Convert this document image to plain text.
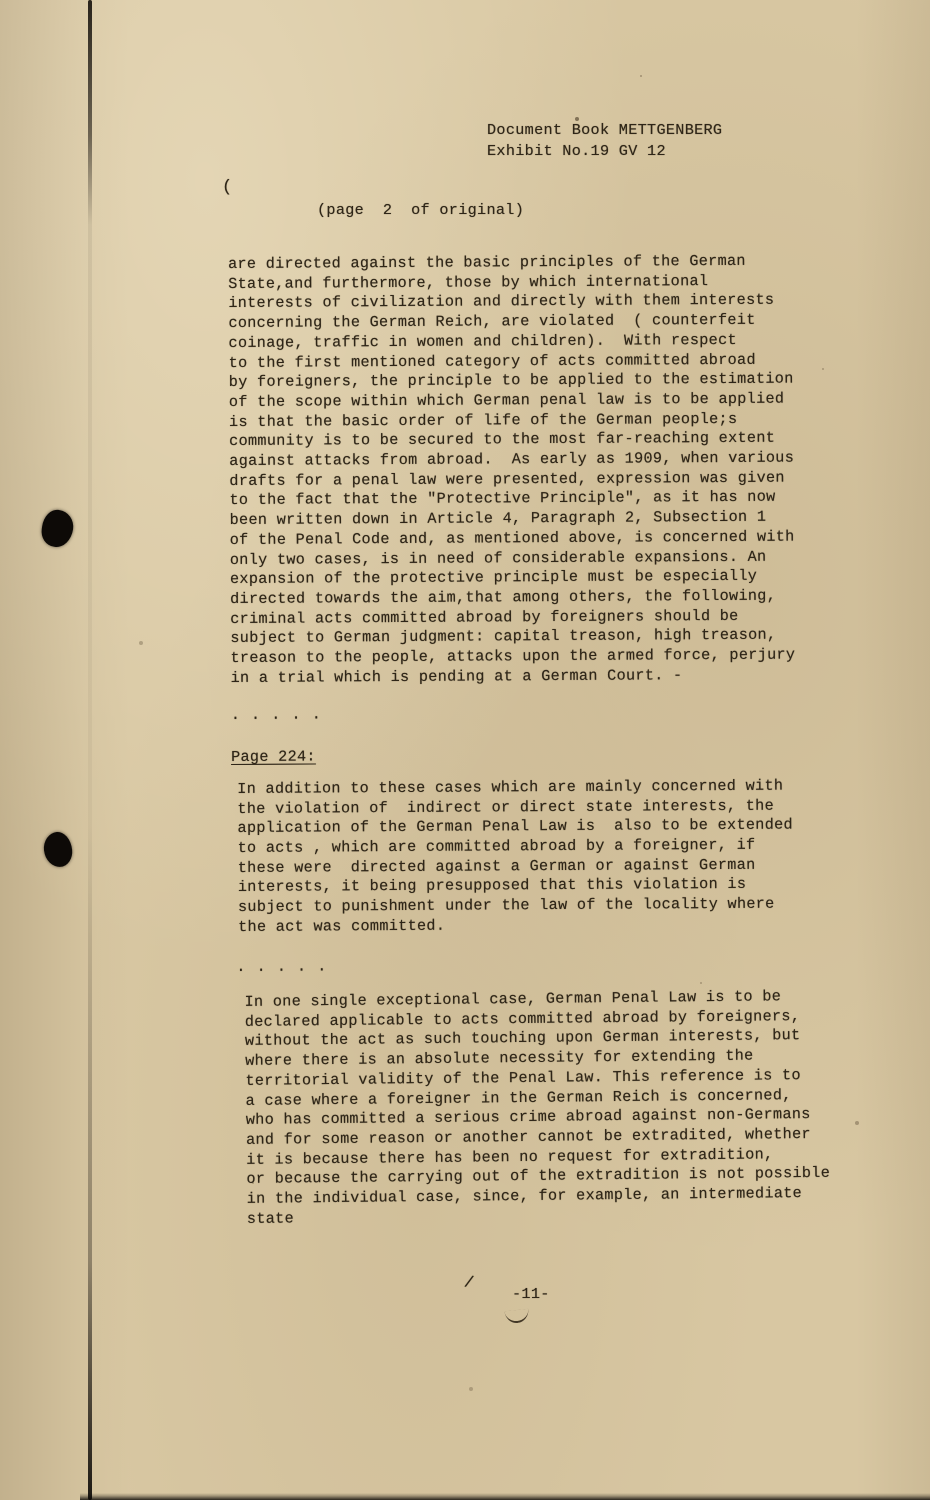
Document Book METTGENBERG
Exhibit No.19 GV 12
(
(page  2  of original)
are directed against the basic principles of the German
State,and furthermore, those by which international
interests of civilization and directly with them interests
concerning the German Reich, are violated  ( counterfeit
coinage, traffic in women and children).  With respect
to the first mentioned category of acts committed abroad
by foreigners, the principle to be applied to the estimation
of the scope within which German penal law is to be applied
is that the basic order of life of the German people;s
community is to be secured to the most far-reaching extent
against attacks from abroad.  As early as 1909, when various
drafts for a penal law were presented, expression was given
to the fact that the "Protective Principle", as it has now
been written down in Article 4, Paragraph 2, Subsection 1
of the Penal Code and, as mentioned above, is concerned with
only two cases, is in need of considerable expansions. An
expansion of the protective principle must be especially
directed towards the aim,that among others, the following,
criminal acts committed abroad by foreigners should be
subject to German judgment: capital treason, high treason,
treason to the people, attacks upon the armed force, perjury
in a trial which is pending at a German Court. -
. . . . .
Page 224:
In addition to these cases which are mainly concerned with
the violation of  indirect or direct state interests, the
application of the German Penal Law is  also to be extended
to acts , which are committed abroad by a foreigner, if
these were  directed against a German or against German
interests, it being presupposed that this violation is
subject to punishment under the law of the locality where
the act was committed.
. . . . .
In one single exceptional case, German Penal Law is to be
declared applicable to acts committed abroad by foreigners,
without the act as such touching upon German interests, but
where there is an absolute necessity for extending the
territorial validity of the Penal Law. This reference is to
a case where a foreigner in the German Reich is concerned,
who has committed a serious crime abroad against non-Germans
and for some reason or another cannot be extradited, whether
it is because there has been no request for extradition,
or because the carrying out of the extradition is not possible
in the individual case, since, for example, an intermediate
state
/
-11-
